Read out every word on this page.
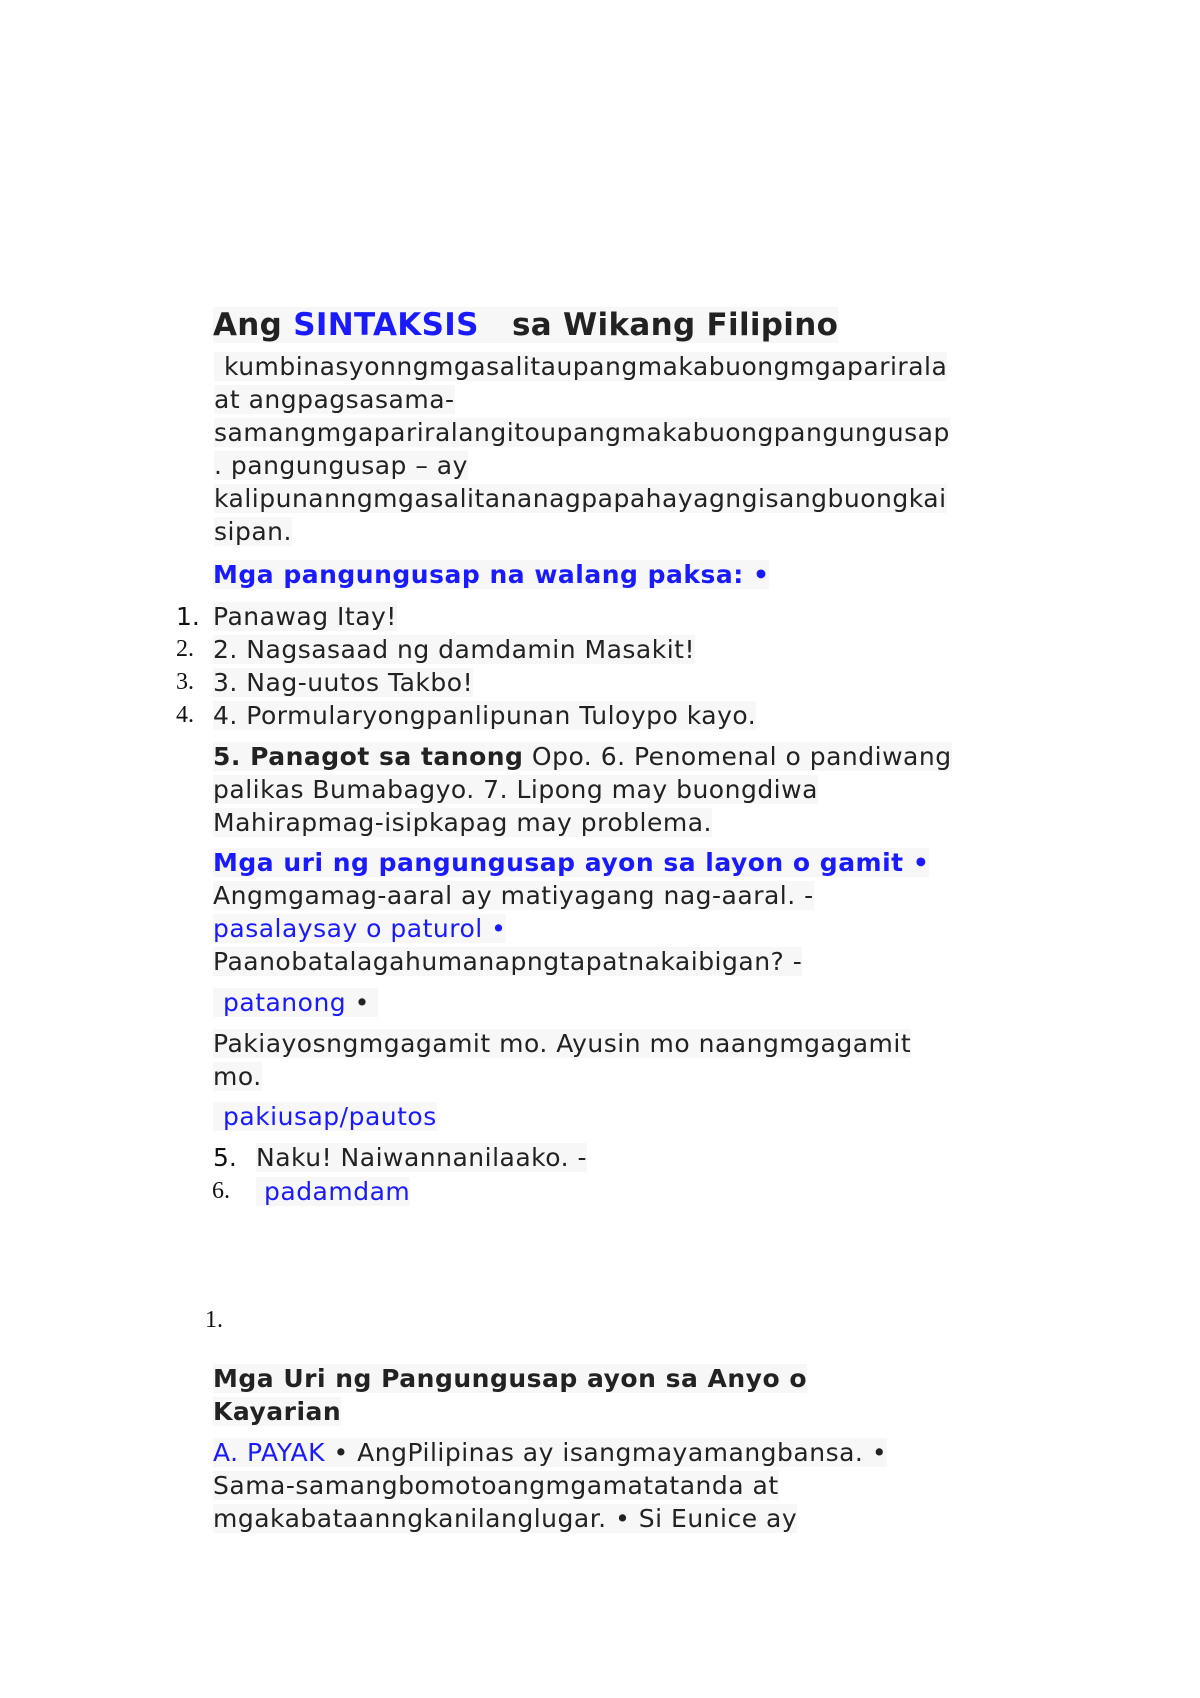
Ang SINTAKSIS sa Wikang Filipino
kumbinasyonngmgasalitaupangmakabuongmgaparirala
at angpagsasama-
samangmgapariralangitoupangmakabuongpangungusap
. pangungusap – ay
kalipunanngmgasalitananagpapahayagngisangbuongkai
sipan.
Mga pangungusap na walang paksa: •
1. Panawag Itay!
2. 2. Nagsasaad ng damdamin Masakit!
3. 3. Nag-uutos Takbo!
4. 4. Pormularyongpanlipunan Tuloypo kayo.
5. Panagot sa tanong Opo. 6. Penomenal o pandiwang
palikas Bumabagyo. 7. Lipong may buongdiwa
Mahirapmag-isipkapag may problema.
Mga uri ng pangungusap ayon sa layon o gamit •
Angmgamag-aaral ay matiyagang nag-aaral. -
pasalaysay o paturol •
Paanobatalagahumanapngtapatnakaibigan? -
patanong •
Pakiayosngmgagamit mo. Ayusin mo naangmgagamit
mo.
pakiusap/pautos
5. Naku! Naiwannanilaako. -
6.	padamdam
1.
Mga Uri ng Pangungusap ayon sa Anyo o
Kayarian
A. PAYAK • AngPilipinas ay isangmayamangbansa. •
Sama-samangbomotoangmgamatatanda at
mgakabataanngkanilanglugar. • Si Eunice ay
